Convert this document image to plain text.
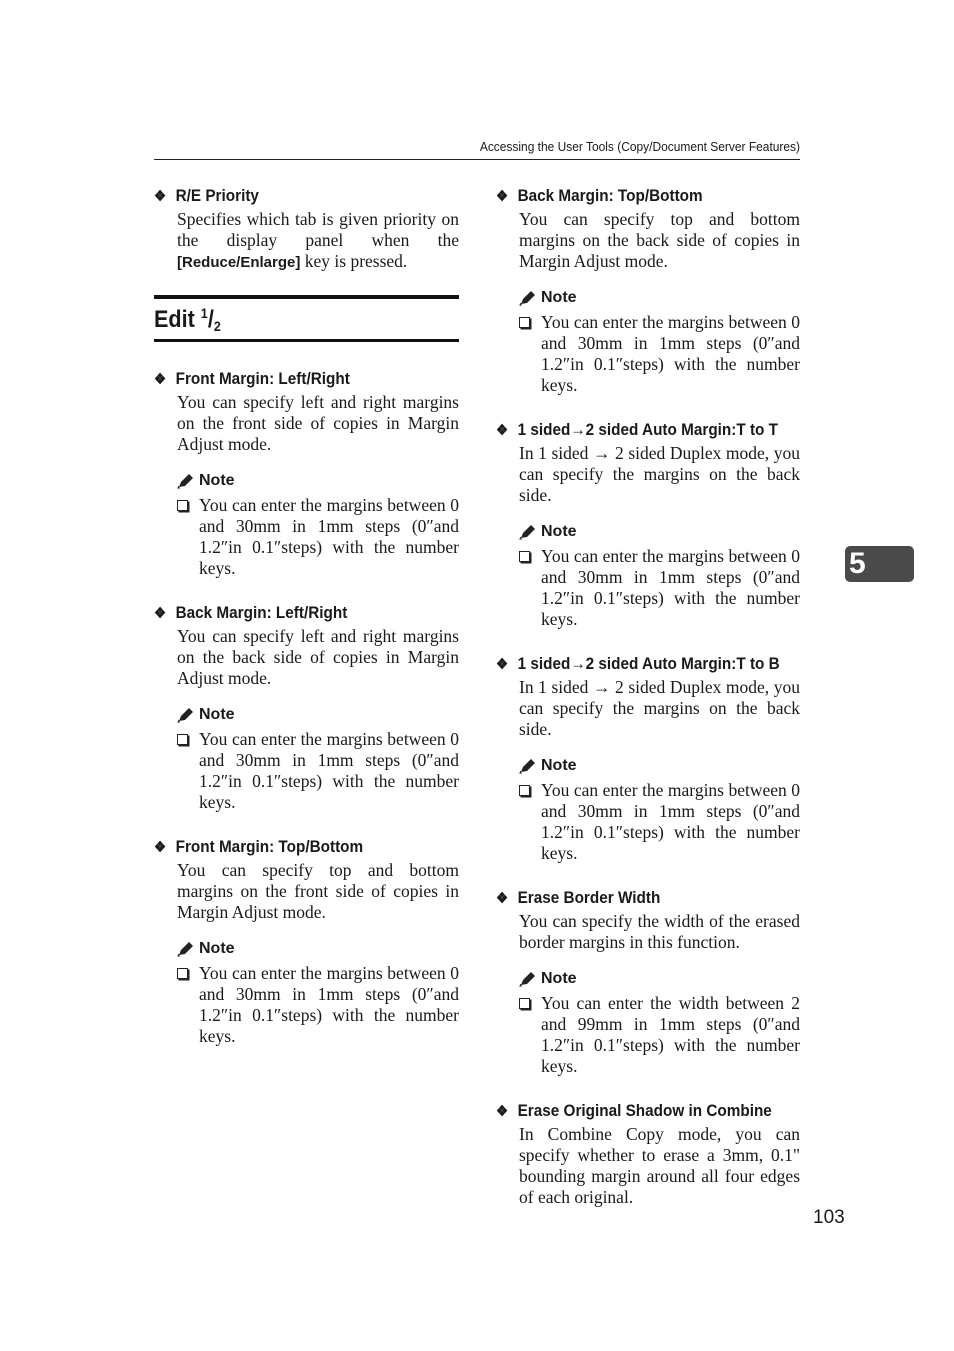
Accessing the User Tools (Copy/Document Server Features)
❖ R/E Priority
Specifies which tab is given priority on the display panel when the [Reduce/Enlarge] key is pressed.
Edit $^1/_2$
❖ Front Margin: Left/Right
You can specify left and right margins on the front side of copies in Margin Adjust mode.
Note
You can enter the margins between 0 and 30mm in 1mm steps (0″and 1.2″in 0.1″steps) with the number keys.
❖ Back Margin: Left/Right
You can specify left and right margins on the back side of copies in Margin Adjust mode.
Note
You can enter the margins between 0 and 30mm in 1mm steps (0″and 1.2″in 0.1″steps) with the number keys.
❖ Front Margin: Top/Bottom
You can specify top and bottom margins on the front side of copies in Margin Adjust mode.
Note
You can enter the margins between 0 and 30mm in 1mm steps (0″and 1.2″in 0.1″steps) with the number keys.
❖ Back Margin: Top/Bottom
You can specify top and bottom margins on the back side of copies in Margin Adjust mode.
Note
You can enter the margins between 0 and 30mm in 1mm steps (0″and 1.2″in 0.1″steps) with the number keys.
❖ 1 sided→2 sided Auto Margin:T to T
In 1 sided → 2 sided Duplex mode, you can specify the margins on the back side.
Note
You can enter the margins between 0 and 30mm in 1mm steps (0″and 1.2″in 0.1″steps) with the number keys.
❖ 1 sided→2 sided Auto Margin:T to B
In 1 sided → 2 sided Duplex mode, you can specify the margins on the back side.
Note
You can enter the margins between 0 and 30mm in 1mm steps (0″and 1.2″in 0.1″steps) with the number keys.
❖ Erase Border Width
You can specify the width of the erased border margins in this function.
Note
You can enter the width between 2 and 99mm in 1mm steps (0″and 1.2″in 0.1″steps) with the number keys.
❖ Erase Original Shadow in Combine
In Combine Copy mode, you can specify whether to erase a 3mm, 0.1" bounding margin around all four edges of each original.
5
103
